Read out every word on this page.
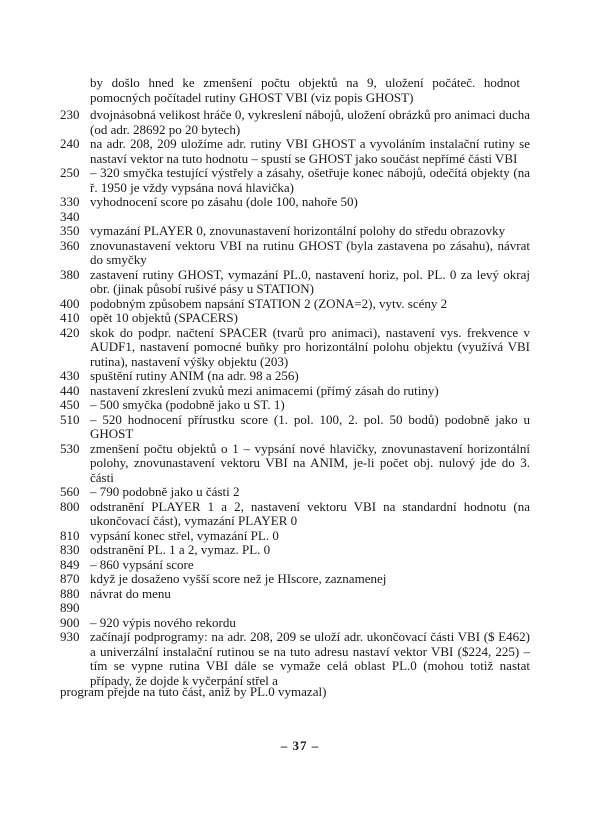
by došlo hned ke zmenšení počtu objektů na 9, uložení počáteč. hodnot pomocných počítadel rutiny GHOST VBI (viz popis GHOST)
230 dvojnásobná velikost hráče 0, vykreslení nábojů, uložení obrázků pro animaci ducha (od adr. 28692 po 20 bytech)
240 na adr. 208, 209 uložíme adr. rutiny VBI GHOST a vyvoláním instalační rutiny se nastaví vektor na tuto hodnotu – spustí se GHOST jako součást nepřímé části VBI
250 – 320 smyčka testující výstřely a zásahy, ošetřuje konec nábojů, odečítá objekty (na ř. 1950 je vždy vypsána nová hlavička)
330 vyhodnocení score po zásahu (dole 100, nahoře 50)
340
350 vymazání PLAYER 0, znovunastavení horizontální polohy do středu obrazovky
360 znovunastavení vektoru VBI na rutinu GHOST (byla zastavena po zásahu), návrat do smyčky
380 zastavení rutiny GHOST, vymazání PL.0, nastavení horiz, pol. PL. 0 za levý okraj obr. (jinak působí rušivé pásy u STATION)
400 podobným způsobem napsání STATION 2 (ZONA=2), vytv. scény 2
410 opět 10 objektů (SPACERS)
420 skok do podpr. načtení SPACER (tvarů pro animaci), nastavení vys. frekvence v AUDF1, nastavení pomocné buňky pro horizontální polohu objektu (využívá VBI rutina), nastavení výšky objektu (203)
430 spuštění rutiny ANIM (na adr. 98 a 256)
440 nastavení zkreslení zvuků mezi animacemi (přímý zásah do rutiny)
450 – 500 smyčka (podobně jako u ST. 1)
510 – 520 hodnocení přírustku score (1. pol. 100, 2. pol. 50 bodů) podobně jako u GHOST
530 zmenšení počtu objektů o 1 – vypsání nové hlavičky, znovunastavení horizontální polohy, znovunastavení vektoru VBI na ANIM, je-li počet obj. nulový jde do 3. části
560 – 790 podobně jako u části 2
800 odstranění PLAYER 1 a 2, nastavení vektoru VBI na standardní hodnotu (na ukončovací část), vymazání PLAYER 0
810 vypsání konec střel, vymazání PL. 0
830 odstranění PL. 1 a 2, vymaz. PL. 0
849 – 860 vypsání score
870 když je dosaženo vyšší score než je HIscore, zaznamenej
880 návrat do menu
890
900 – 920 výpis nového rekordu
930 začínají podprogramy: na adr. 208, 209 se uloží adr. ukončovací části VBI ($ E462) a univerzální instalační rutinou se na tuto adresu nastaví vektor VBI ($224, 225) – tím se vypne rutina VBI dále se vymaže celá oblast PL.0 (mohou totiž nastat případy, že dojde k vyčerpání střel a
program přejde na tuto část, aniž by PL.0 vymazal)
– 37 –
